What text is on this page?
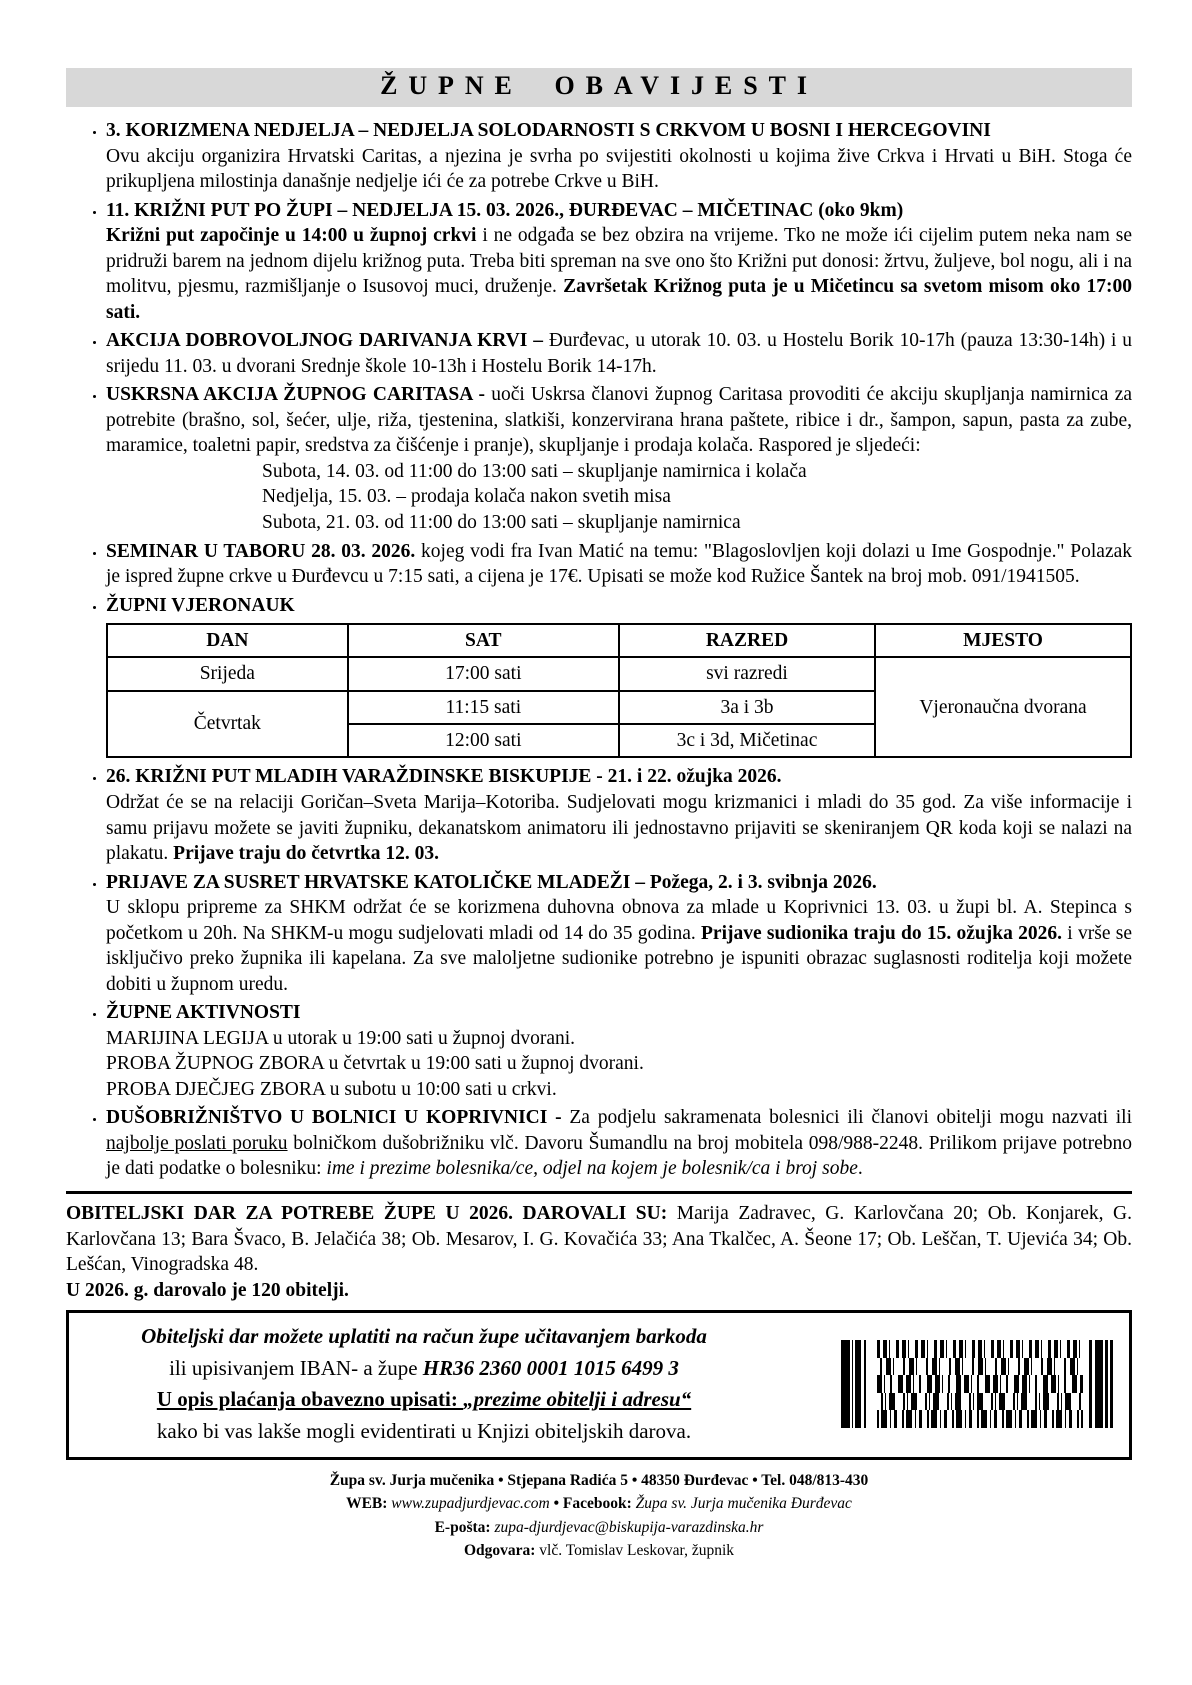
ŽUPNE OBAVIJESTI

• 3. KORIZMENA NEDJELJA – NEDJELJA SOLODARNOSTI S CRKVOM U BOSNI I HERCEGOVINI

Ovu akciju organizira Hrvatski Caritas, a njezina je svrha po svijestiti okolnosti u kojima žive Crkva i Hrvati u BiH. Stoga će prikupljena milostinja današnje nedjelje ići će za potrebe Crkve u BiH.

• 11. KRIŽNI PUT PO ŽUPI – NEDJELJA 15. 03. 2026., ĐURĐEVAC – MIČETINAC (oko 9km)

Križni put započinje u 14:00 u župnoj crkvi i ne odgađa se bez obzira na vrijeme. Tko ne može ići cijelim putem neka nam se pridruži barem na jednom dijelu križnog puta. Treba biti spreman na sve ono što Križni put donosi: žrtvu, žuljeve, bol nogu, ali i na molitvu, pjesmu, razmišljanje o Isusovoj muci, druženje. Završetak Križnog puta je u Mičetincu sa svetom misom oko 17:00 sati.

• AKCIJA DOBROVOLJNOG DARIVANJA KRVI – Đurđevac, u utorak 10. 03. u Hostelu Borik 10-17h (pauza 13:30-14h) i u srijedu 11. 03. u dvorani Srednje škole 10-13h i Hostelu Borik 14-17h.

• USKRSNA AKCIJA ŽUPNOG CARITASA - uoči Uskrsa članovi župnog Caritasa provoditi će akciju skupljanja namirnica za potrebite (brašno, sol, šećer, ulje, riža, tjestenina, slatkiši, konzervirana hrana paštete, ribice i dr., šampon, sapun, pasta za zube, maramice, toaletni papir, sredstva za čišćenje i pranje), skupljanje i prodaja kolača. Raspored je sljedeći:

Subota, 14. 03. od 11:00 do 13:00 sati – skupljanje namirnica i kolača

Nedjelja, 15. 03. – prodaja kolača nakon svetih misa

Subota, 21. 03. od 11:00 do 13:00 sati – skupljanje namirnica

• SEMINAR U TABORU 28. 03. 2026. kojeg vodi fra Ivan Matić na temu: "Blagoslovljen koji dolazi u Ime Gospodnje." Polazak je ispred župne crkve u Đurđevcu u 7:15 sati, a cijena je 17€. Upisati se može kod Ružice Šantek na broj mob. 091/1941505.

• ŽUPNI VJERONAUK

DAN	SAT	RAZRED	MJESTO
Srijeda	17:00 sati	svi razredi	Vjeronaučna dvorana
Četvrtak	11:15 sati	3a i 3b	
	12:00 sati	3c i 3d, Mičetinac	

• 26. KRIŽNI PUT MLADIH VARAŽDINSKE BISKUPIJE - 21. i 22. ožujka 2026.

Održat će se na relaciji Goričan–Sveta Marija–Kotoriba. Sudjelovati mogu krizmanici i mladi do 35 god. Za više informacije i samu prijavu možete se javiti župniku, dekanatskom animatoru ili jednostavno prijaviti se skeniranjem QR koda koji se nalazi na plakatu. Prijave traju do četvrtka 12. 03.

• PRIJAVE ZA SUSRET HRVATSKE KATOLIČKE MLADEŽI – Požega, 2. i 3. svibnja 2026.

U sklopu pripreme za SHKM održat će se korizmena duhovna obnova za mlade u Koprivnici 13. 03. u župi bl. A. Stepinca s početkom u 20h. Na SHKM-u mogu sudjelovati mladi od 14 do 35 godina. Prijave sudionika traju do 15. ožujka 2026. i vrše se isključivo preko župnika ili kapelana. Za sve maloljetne sudionike potrebno je ispuniti obrazac suglasnosti roditelja koji možete dobiti u župnom uredu.

• ŽUPNE AKTIVNOSTI

MARIJINA LEGIJA u utorak u 19:00 sati u župnoj dvorani.

PROBA ŽUPNOG ZBORA u četvrtak u 19:00 sati u župnoj dvorani.

PROBA DJEČJEG ZBORA u subotu u 10:00 sati u crkvi.

• DUŠOBRIŽNIŠTVO U BOLNICI U KOPRIVNICI - Za podjelu sakramenata bolesnici ili članovi obitelji mogu nazvati ili najbolje poslati poruku bolničkom dušobrižniku vlč. Davoru Šumandlu na broj mobitela 098/988-2248. Prilikom prijave potrebno je dati podatke o bolesniku: ime i prezime bolesnika/ce, odjel na kojem je bolesnik/ca i broj sobe.

OBITELJSKI DAR ZA POTREBE ŽUPE U 2026. DAROVALI SU: Marija Zadravec, G. Karlovčana 20; Ob. Konjarek, G. Karlovčana 13; Bara Švaco, B. Jelačića 38; Ob. Mesarov, I. G. Kovačića 33; Ana Tkalčec, A. Šeone 17; Ob. Leščan, T. Ujevića 34; Ob. Lešćan, Vinogradska 48.

U 2026. g. darovalo je 120 obitelji.

Obiteljski dar možete uplatiti na račun župe učitavanjem barkoda

ili upisivanjem IBAN- a župe HR36 2360 0001 1015 6499 3

U opis plaćanja obavezno upisati: „prezime obitelji i adresu“

kako bi vas lakše mogli evidentirati u Knjizi obiteljskih darova.

Župa sv. Jurja mučenika • Stjepana Radića 5 • 48350 Đurđevac • Tel. 048/813-430

WEB: www.zupadjurdjevac.com • Facebook: Župa sv. Jurja mučenika Đurđevac

E-pošta: zupa-djurdjevac@biskupija-varazdinska.hr

Odgovara: vlč. Tomislav Leskovar, župnik
